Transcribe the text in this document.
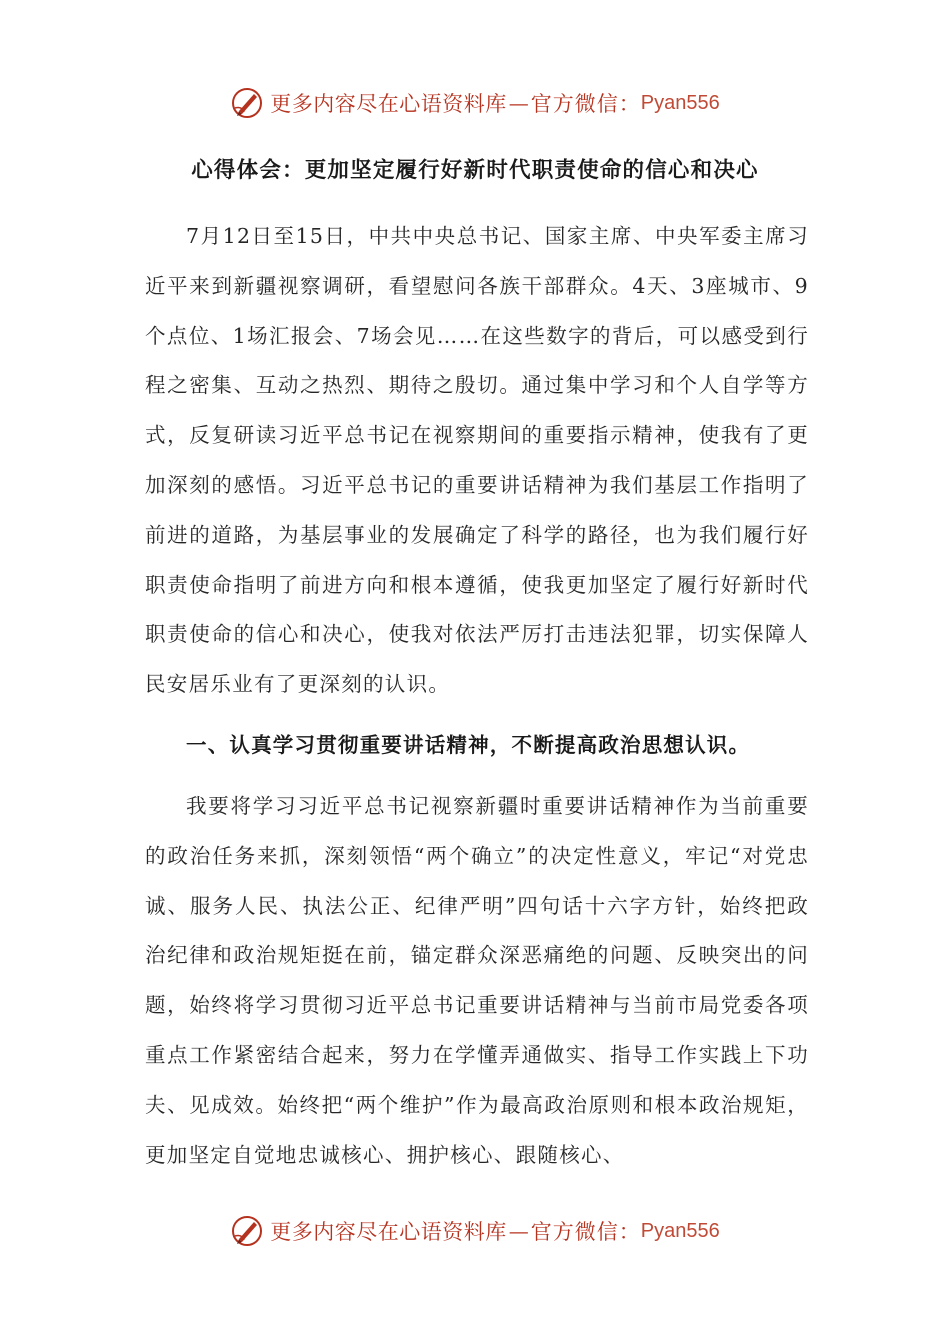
更多内容尽在心语资料库 — 官方微信： Pyan556
心得体会：更加坚定履行好新时代职责使命的信心和决心

7月12日至15日，中共中央总书记、国家主席、中央军委主席习近平来到新疆视察调研，看望慰问各族干部群众。4天、3座城市、9个点位、1场汇报会、7场会见……在这些数字的背后，可以感受到行程之密集、互动之热烈、期待之殷切。通过集中学习和个人自学等方式，反复研读习近平总书记在视察期间的重要指示精神，使我有了更加深刻的感悟。习近平总书记的重要讲话精神为我们基层工作指明了前进的道路，为基层事业的发展确定了科学的路径，也为我们履行好职责使命指明了前进方向和根本遵循，使我更加坚定了履行好新时代职责使命的信心和决心，使我对依法严厉打击违法犯罪，切实保障人民安居乐业有了更深刻的认识。

一、认真学习贯彻重要讲话精神，不断提高政治思想认识。

我要将学习习近平总书记视察新疆时重要讲话精神作为当前重要的政治任务来抓，深刻领悟“两个确立”的决定性意义，牢记“对党忠诚、服务人民、执法公正、纪律严明”四句话十六字方针，始终把政治纪律和政治规矩挺在前，锚定群众深恶痛绝的问题、反映突出的问题，始终将学习贯彻习近平总书记重要讲话精神与当前市局党委各项重点工作紧密结合起来，努力在学懂弄通做实、指导工作实践上下功夫、见成效。始终把“两个维护”作为最高政治原则和根本政治规矩，更加坚定自觉地忠诚核心、拥护核心、跟随核心、

更多内容尽在心语资料库 — 官方微信： Pyan556
